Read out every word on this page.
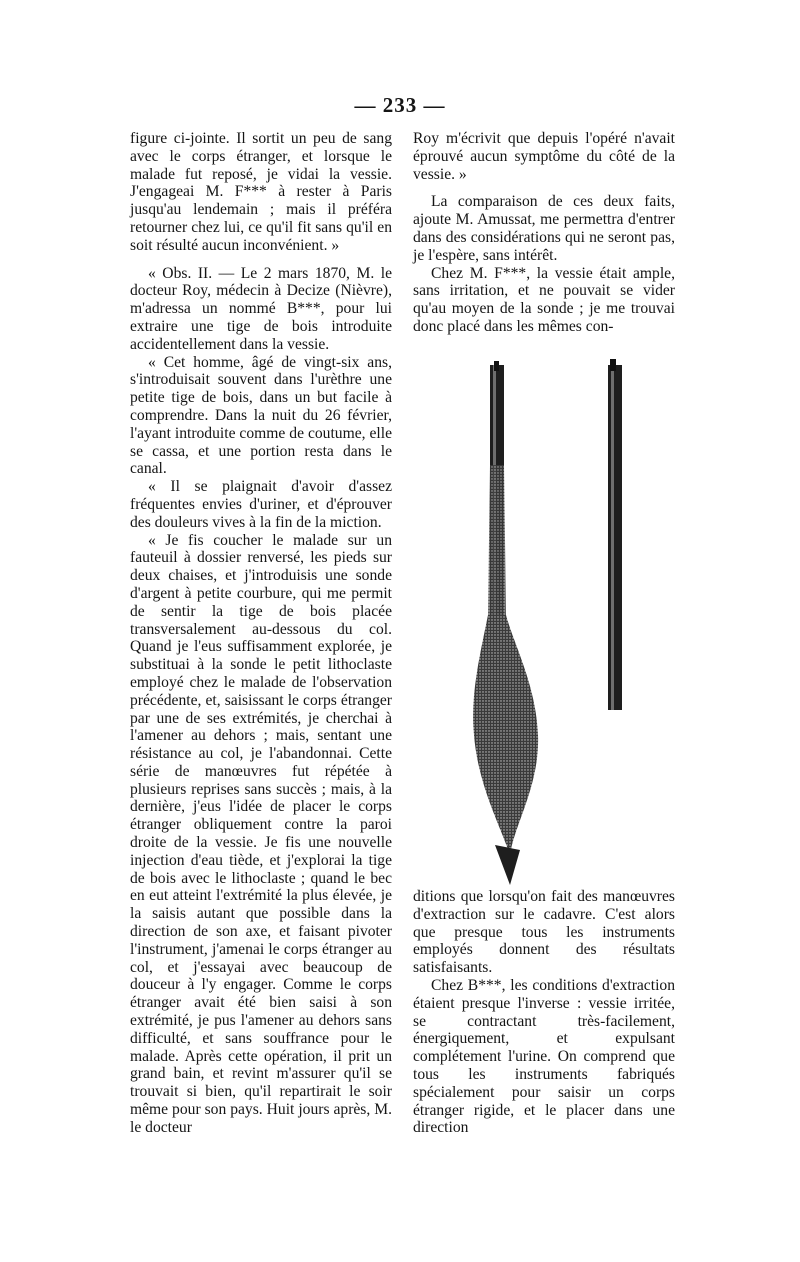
— 233 —

figure ci-jointe. Il sortit un peu de sang avec le corps étranger, et lorsque le malade fut reposé, je vidai la vessie. J'engageai M. F*** à rester à Paris jusqu'au lendemain ; mais il préféra retourner chez lui, ce qu'il fit sans qu'il en soit résulté aucun inconvénient. »

« Obs. II. — Le 2 mars 1870, M. le docteur Roy, médecin à Decize (Nièvre), m'adressa un nommé B***, pour lui extraire une tige de bois introduite accidentellement dans la vessie.

« Cet homme, âgé de vingt-six ans, s'introduisait souvent dans l'urèthre une petite tige de bois, dans un but facile à comprendre. Dans la nuit du 26 février, l'ayant introduite comme de coutume, elle se cassa, et une portion resta dans le canal.

« Il se plaignait d'avoir d'assez fréquentes envies d'uriner, et d'éprouver des douleurs vives à la fin de la miction.

« Je fis coucher le malade sur un fauteuil à dossier renversé, les pieds sur deux chaises, et j'introduisis une sonde d'argent à petite courbure, qui me permit de sentir la tige de bois placée transversalement au-dessous du col. Quand je l'eus suffisamment explorée, je substituai à la sonde le petit lithoclaste employé chez le malade de l'observation précédente, et, saisissant le corps étranger par une de ses extrémités, je cherchai à l'amener au dehors ; mais, sentant une résistance au col, je l'abandonnai. Cette série de manœuvres fut répétée à plusieurs reprises sans succès ; mais, à la dernière, j'eus l'idée de placer le corps étranger obliquement contre la paroi droite de la vessie. Je fis une nouvelle injection d'eau tiède, et j'explorai la tige de bois avec le lithoclaste ; quand le bec en eut atteint l'extrémité la plus élevée, je la saisis autant que possible dans la direction de son axe, et faisant pivoter l'instrument, j'amenai le corps étranger au col, et j'essayai avec beaucoup de douceur à l'y engager. Comme le corps étranger avait été bien saisi à son extrémité, je pus l'amener au dehors sans difficulté, et sans souffrance pour le malade. Après cette opération, il prit un grand bain, et revint m'assurer qu'il se trouvait si bien, qu'il repartirait le soir même pour son pays. Huit jours après, M. le docteur

Roy m'écrivit que depuis l'opéré n'avait éprouvé aucun symptôme du côté de la vessie. »

La comparaison de ces deux faits, ajoute M. Amussat, me permettra d'entrer dans des considérations qui ne seront pas, je l'espère, sans intérêt.

Chez M. F***, la vessie était ample, sans irritation, et ne pouvait se vider qu'au moyen de la sonde ; je me trouvai donc placé dans les mêmes con-

ditions que lorsqu'on fait des manœuvres d'extraction sur le cadavre. C'est alors que presque tous les instruments employés donnent des résultats satisfaisants.

Chez B***, les conditions d'extraction étaient presque l'inverse : vessie irritée, se contractant très-facilement, énergiquement, et expulsant complétement l'urine. On comprend que tous les instruments fabriqués spécialement pour saisir un corps étranger rigide, et le placer dans une direction
